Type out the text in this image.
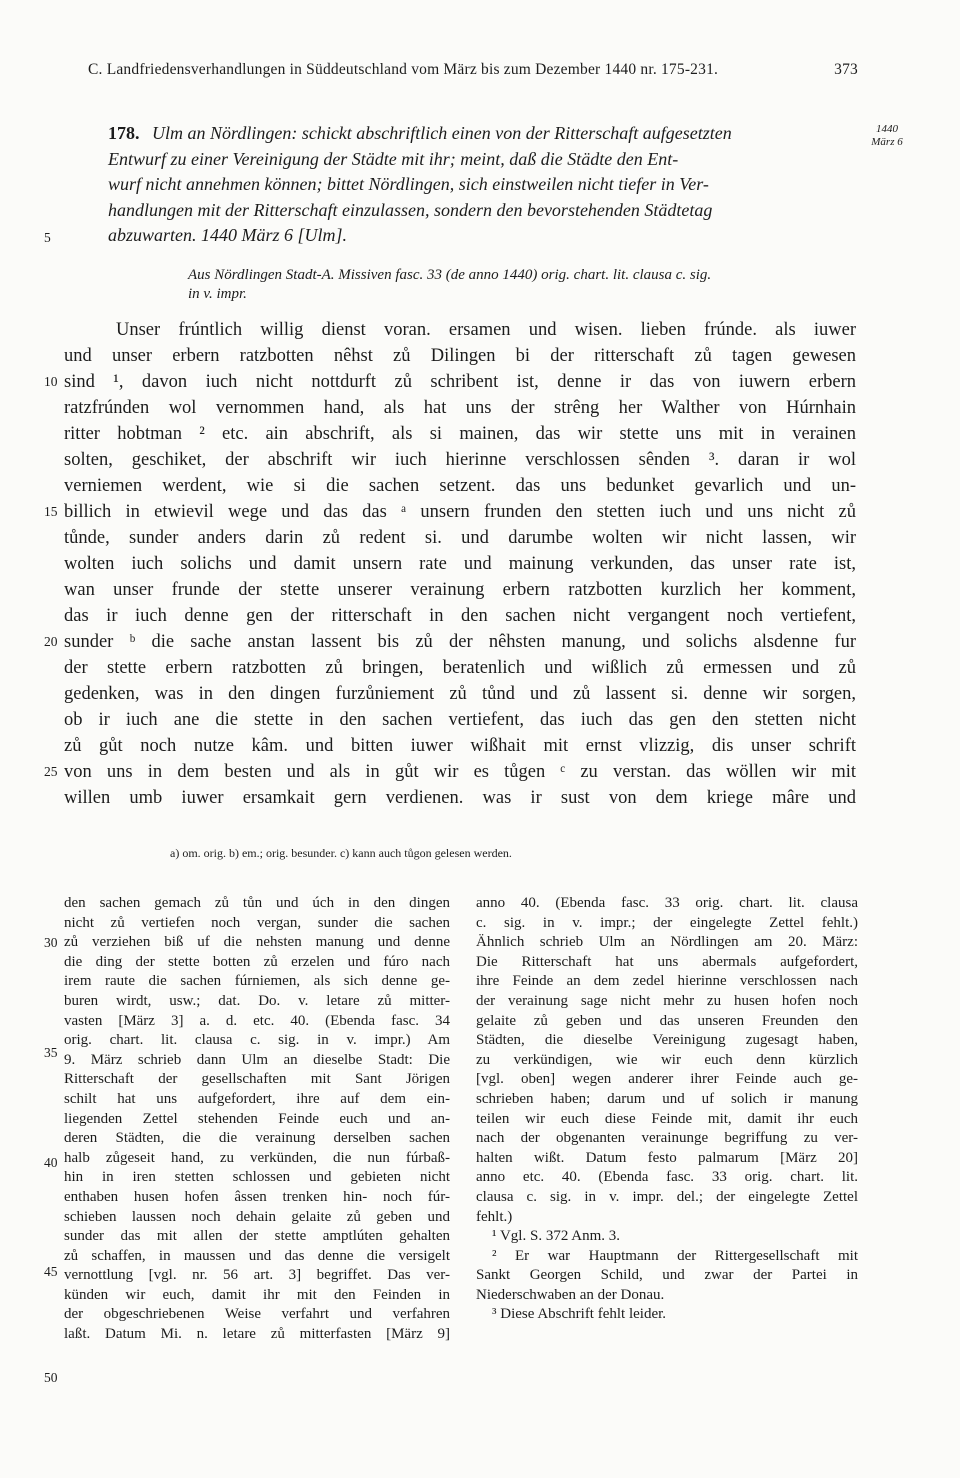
C. Landfriedensverhandlungen in Süddeutschland vom März bis zum Dezember 1440 nr. 175-231.	373
178. Ulm an Nördlingen: schickt abschriftlich einen von der Ritterschaft aufgesetzten
Entwurf zu einer Vereinigung der Städte mit ihr; meint, daß die Städte den Ent-
wurf nicht annehmen können; bittet Nördlingen, sich einstweilen nicht tiefer in Ver-
handlungen mit der Ritterschaft einzulassen, sondern den bevorstehenden Städtetag
abzuwarten. 1440 März 6 [Ulm].
1440
März 6
5
Aus Nördlingen Stadt-A. Missiven fasc. 33 (de anno 1440) orig. chart. lit. clausa c. sig.
in v. impr.
Unser frúntlich willig dienst voran. ersamen und wisen. lieben frúnde. als iuwer
und unser erbern ratzbotten nêhst zů Dilingen bi der ritterschaft zů tagen gewesen
sind ¹, davon iuch nicht nottdurft zů schribent ist, denne ir das von iuwern erbern
ratzfrúnden wol vernommen hand, als hat uns der strêng her Walther von Húrnhain
ritter hobtman ² etc. ain abschrift, als si mainen, das wir stette uns mit in verainen
solten, geschiket, der abschrift wir iuch hierinne verschlossen sênden ³. daran ir wol
verniemen werdent, wie si die sachen setzent. das uns bedunket gevarlich und un-
billich in etwievil wege und das das ᵃ unsern frunden den stetten iuch und uns nicht zů
tůnde, sunder anders darin zů redent si. und darumbe wolten wir nicht lassen, wir
wolten iuch solichs und damit unsern rate und mainung verkunden, das unser rate ist,
wan unser frunde der stette unserer verainung erbern ratzbotten kurzlich her komment,
das ir iuch denne gen der ritterschaft in den sachen nicht vergangent noch vertiefent,
sunder ᵇ die sache anstan lassent bis zů der nêhsten manung, und solichs alsdenne fur
der stette erbern ratzbotten zů bringen, beratenlich und wißlich zů ermessen und zů
gedenken, was in den dingen furzůniement zů tůnd und zů lassent si. denne wir sorgen,
ob ir iuch ane die stette in den sachen vertiefent, das iuch das gen den stetten nicht
zů gůt noch nutze kâm. und bitten iuwer wißhait mit ernst vlizzig, dis unser schrift
von uns in dem besten und als in gůt wir es tůgen ᶜ zu verstan. das wöllen wir mit
willen umb iuwer ersamkait gern verdienen. was ir sust von dem kriege mâre und
10
15
20
25
a) om. orig. b) em.; orig. besunder. c) kann auch tůgon gelesen werden.

den sachen gemach zů tůn und úch in den dingen

nicht zů vertiefen noch vergan, sunder die sachen

zů verziehen biß uf die nehsten manung und denne

die ding der stette botten zů erzelen und fúro nach

irem raute die sachen fúrniemen, als sich denne ge-

buren wirdt, usw.; dat. Do. v. letare zů mitter-

vasten [März 3] a. d. etc. 40. (Ebenda fasc. 34

orig. chart. lit. clausa c. sig. in v. impr.) Am

9. März schrieb dann Ulm an dieselbe Stadt: Die

Ritterschaft der gesellschaften mit Sant Jörigen

schilt hat uns aufgefordert, ihre auf dem ein-

liegenden Zettel stehenden Feinde euch und an-

deren Städten, die die verainung derselben sachen

halb zůgeseit hand, zu verkünden, die nun fúrbaß-

hin in iren stetten schlossen und gebieten nicht

enthaben husen hofen âssen trenken hin- noch fúr-

schieben laussen noch dehain gelaite zů geben und

sunder das mit allen der stette amptlúten gehalten

zů schaffen, in maussen und das denne die versigelt

vernottlung [vgl. nr. 56 art. 3] begriffet. Das ver-

künden wir euch, damit ihr mit den Feinden in

der obgeschriebenen Weise verfahrt und verfahren

laßt. Datum Mi. n. letare zů mitterfasten [März 9]

30
35
40
45
50

anno 40. (Ebenda fasc. 33 orig. chart. lit. clausa

c. sig. in v. impr.; der eingelegte Zettel fehlt.)

Ähnlich schrieb Ulm an Nördlingen am 20. März:

Die Ritterschaft hat uns abermals aufgefordert,

ihre Feinde an dem zedel hierinne verschlossen nach

der verainung sage nicht mehr zu husen hofen noch

gelaite zů geben und das unseren Freunden den

Städten, die dieselbe Vereinigung zugesagt haben,

zu verkündigen, wie wir euch denn kürzlich

[vgl. oben] wegen anderer ihrer Feinde auch ge-

schrieben haben; darum und uf solich ir manung

teilen wir euch diese Feinde mit, damit ihr euch

nach der obgenanten verainunge begriffung zu ver-

halten wißt. Datum festo palmarum [März 20]

anno etc. 40. (Ebenda fasc. 33 orig. chart. lit.

clausa c. sig. in v. impr. del.; der eingelegte Zettel

fehlt.)

¹ Vgl. S. 372 Anm. 3.

² Er war Hauptmann der Rittergesellschaft mit

Sankt Georgen Schild, und zwar der Partei in

Niederschwaben an der Donau.

³ Diese Abschrift fehlt leider.
